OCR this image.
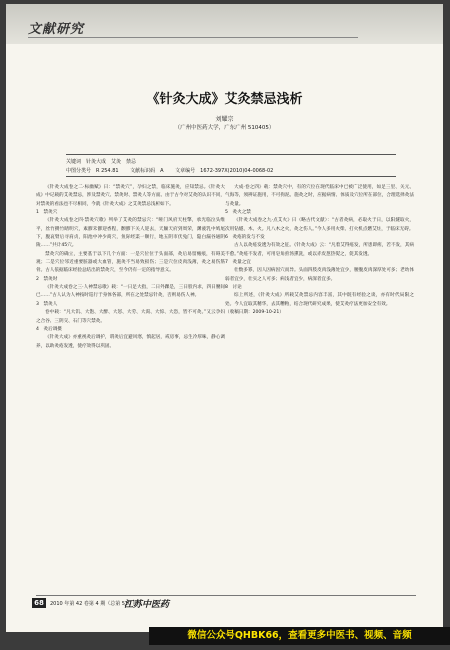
文献研究
《针灸大成》艾灸禁忌浅析
刘耀宗
（广州中医药大学，广东广州 510405）
关键词　针灸大成　艾灸　禁忌
中图分类号　R 254.81 文献标识码　A 文章编号　1672-397X(2010)04-0068-02

《针灸大成卷之二·标幽赋》曰：“禁灸穴”，孕妇之禁，临床施灸，应知禁忌。《针灸大成》中记载的艾灸禁忌，涉及禁灸穴、禁灸时、禁灸人等方面。由于古今对艾灸的认识不同，对禁灸的看法也不尽相同，今就《针灸大成》之艾灸禁忌浅析如下。

1　禁灸穴

《针灸大成卷之四·禁灸穴歌》列举了艾灸的禁忌穴：“哑门风府天柱擎，承光临泣头维平，丝竹攒竹睛明穴，素髎禾髎迎香程，颧髎下关人迎去，天牖天府到周荣，渊液乳中鸠尾下，腹哀臂后寻肩贞，阳池中冲少商穴，鱼际经渠一顺行，地五阴市伏兔门，隐白漏谷通阴陵……”共计45穴。

禁灸穴的确立，主要基于以下几个方面：一是穴位位于头面部，灸后易留瘢痕，有碍美观；二是穴位邻近重要脏器或大血管，施灸不当易致损伤；三是穴位皮肉浅薄，灸之易伤筋骨。古人依据临床经验总结出的禁灸穴，至今仍有一定的指导意义。

2　禁灸时

《针灸大成卷之三·人神禁忌歌》载：“一日足大指，二日外踝是，三日股内求，四日腰间已……”古人认为人神按时巡行于身体各部，所在之处禁忌针灸，否则易伤人神。

3　禁灸人

卷中载：“凡大饥、大饱、大醉、大怒、大劳、大渴、大惊、大恐，皆不可灸。”又云孕妇之合谷、三阴交、石门等穴禁灸。

4　灸后调摄

《针灸大成》亦重视灸后调护，谓灸后宜避风寒，慎起居，戒房事，忌生冷厚味，静心调养，以助灸疮发透，使疗效得以巩固。

大成·卷之四》载：禁灸穴中，有的穴位在现代临床中已被广泛使用，如足三里、关元、气海等，须辨证施用，不可拘泥。施灸之时，应据病情、体质及穴位所在部位，合理选择灸法与灸量。

5　灸火之禁

《针灸大成卷之九·点艾火》曰（略古代文献）：“古者灸病，必取火于日，以阳燧取火，次用钻燧、木、火。凡八木之火，灸之伤人。”今人多用火柴、打火机点燃艾炷，于临床无碍。

6　灸疮的发与不发

古人以灸疮发透为有效之征。《针灸大成》云：“凡着艾得疮发，所患即瘥，若不发，其病不愈。”灸疮不发者，可用皂角煎汤熏洗，或以赤皮葱热熨之，促其发透。

7　灸量之宜

壮数多寡，因人因病因穴而异。头面四肢皮肉浅薄处宜少，腰腹皮肉深厚处可多；老幼体弱者宜少，壮实之人可多；病浅者宜少，病深者宜多。

8　讨论

综上所述，《针灸大成》所载艾灸禁忌内容丰富，其中既有经验之谈，亦有时代局限之处。今人宜取其精华，去其糟粕，结合现代研究成果，使艾灸疗法更加安全有效。

（收稿日期：2009-10-21）

68	2010 年第 42 卷第 4 期（总第 520 期）
江苏中医药
微信公众号QHBK66，查看更多中医书、视频、音频
